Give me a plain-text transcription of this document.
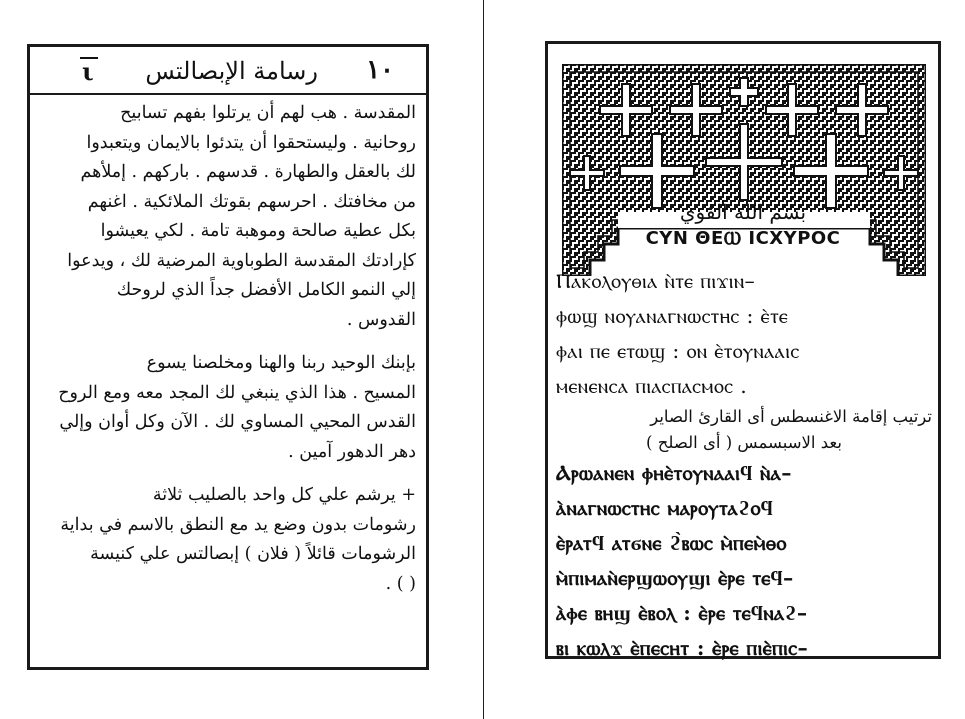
١٠
رسامة الإبصالتس
ι

المقدسة . هب لهم أن يرتلوا بفهم تسابيح
روحانية . وليستحقوا أن يتدئوا بالايمان ويتعبدوا
لك بالعقل والطهارة . قدسهم . باركهم . إملأهم
من مخافتك . احرسهم بقوتك الملائكية . اغنهم
بكل عطية صالحة وموهبة تامة . لكي يعيشوا
كإرادتك المقدسة الطوباوية المرضية لك ، ويدعوا
إلي النمو الكامل الأفضل جداً الذي لروحك
القدوس .

بإبنك الوحيد ربنا والهنا ومخلصنا يسوع
المسيح . هذا الذي ينبغي لك المجد معه ومع الروح
القدس المحيي المساوي لك . الآن وكل أوان وإلي
دهر الدهور آمين .

+ يرشم علي كل واحد بالصليب ثلاثة
رشومات بدون وضع يد مع النطق بالاسم في بداية
الرشومات قائلاً ( فلان ) إبصالتس علي كنيسة
( ) .

بسم الله القوي
ϹΥΝ ΘΕⲰ ΙϹΧΥΡΟϹ
Ⲡⲁⲕⲟⲗⲟⲩⲑⲓⲁ ⲛ̀ⲧⲉ ⲡⲓϫⲓⲛ–
ⲫⲱϣ ⲛⲟⲩⲁⲛⲁⲅⲛⲱⲥⲧⲏⲥ : ⲉ̀ⲧⲉ
ⲫⲁⲓ ⲡⲉ ⲉⲧⲱϣ : ⲟⲛ ⲉ̀ⲧⲟⲩⲛⲁⲁⲓⲥ
ⲙⲉⲛⲉⲛⲥⲁ ⲡⲓⲁⲥⲡⲁⲥⲙⲟⲥ .
ترتيب إقامة الاغنسطس أى القارئ الصاير
بعد الاسبسمس ( أى الصلح )
Ⲁⲣⲱⲁⲛⲉⲛ ⲫⲏⲉ̀ⲧⲟⲩⲛⲁⲁⲓϥ ⲛ̀ⲁ–
ⲁ̀ⲛⲁⲅⲛⲱⲥⲧⲏⲥ ⲙⲁⲣⲟⲩⲧⲁϩⲟϥ
ⲉ̀ⲣⲁⲧϥ ⲁⲧϭⲛⲉ ϩ̀ⲃⲱⲥ ⲙ̀ⲡⲉⲙ̀ⲑⲟ
ⲙ̀ⲡⲓⲙⲁⲛ̀ⲉⲣϣⲱⲟⲩϣⲓ ⲉ̀ⲣⲉ ⲧⲉϥ–
ⲁ̀ⲫⲉ ⲃⲏϣ ⲉ̀ⲃⲟⲗ : ⲉ̀ⲣⲉ ⲧⲉϥⲛⲁϩ–
ⲃⲓ ⲕⲱⲗϫ ⲉ̀ⲡⲉⲥⲏⲧ : ⲉ̀ⲣⲉ ⲡⲓⲉ̀ⲡⲓⲥ–
